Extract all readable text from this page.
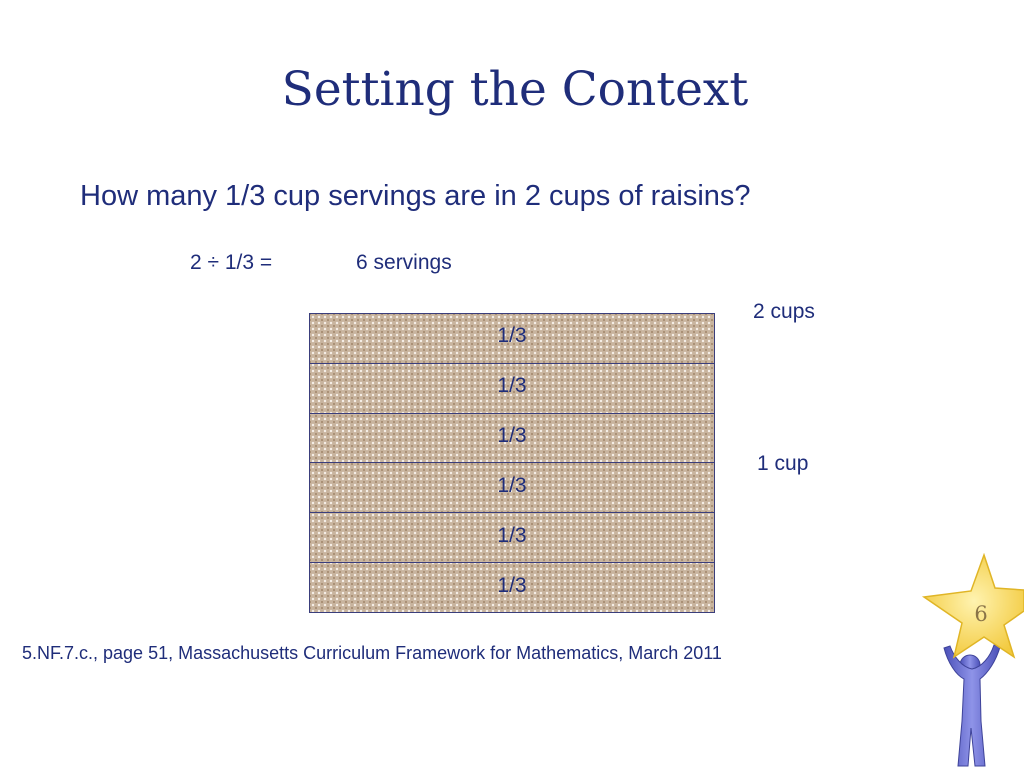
Setting the Context
How many 1/3 cup servings are in 2 cups of raisins?
2 ÷ 1/3 =	6 servings
2 cups
1 cup
1/3
1/3
1/3
1/3
1/3
1/3
5.NF.7.c., page 51, Massachusetts Curriculum Framework for Mathematics, March 2011
6
